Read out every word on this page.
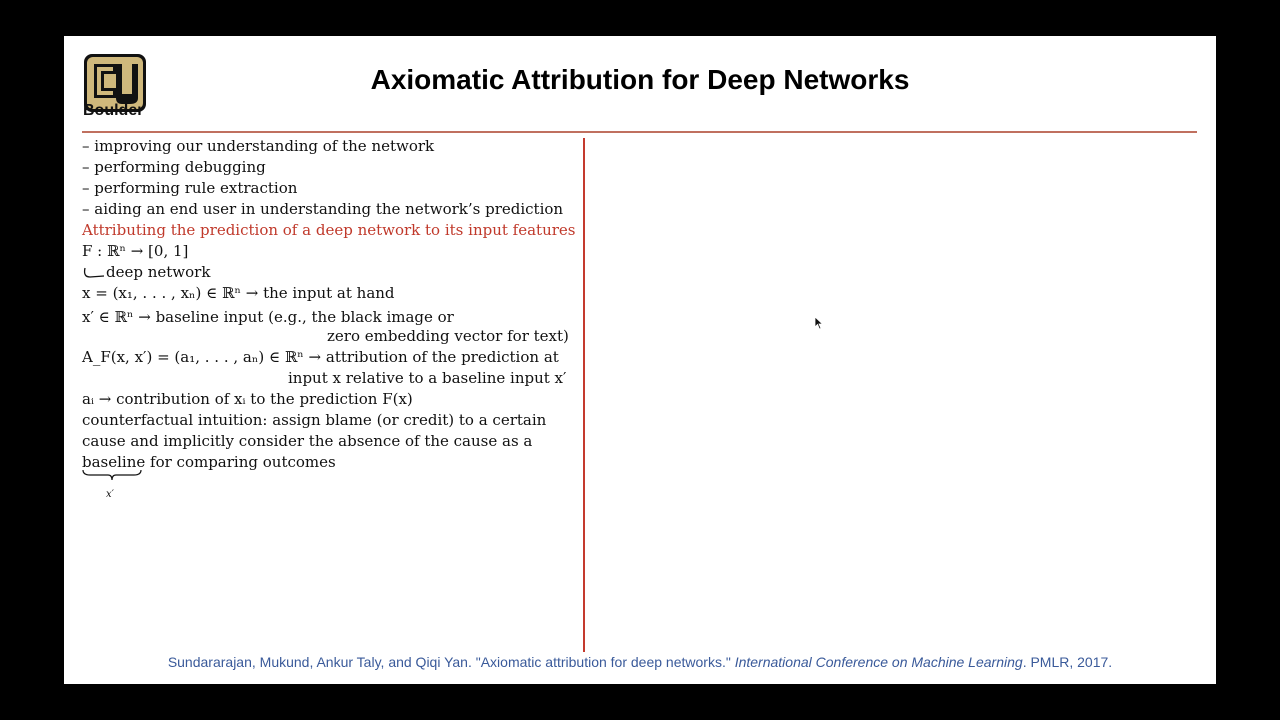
Boulder
Axiomatic Attribution for Deep Networks
– improving our understanding of the network
– performing debugging
– performing rule extraction
– aiding an end user in understanding the network’s prediction
Attributing the prediction of a deep network to its input features
F : ℝⁿ → [0, 1]
deep network
x = (x₁, . . . , xₙ) ∈ ℝⁿ → the input at hand
x′ ∈ ℝⁿ → baseline input (e.g., the black image or
zero embedding vector for text)
A_F(x, x′) = (a₁, . . . , aₙ) ∈ ℝⁿ → attribution of the prediction at
input x relative to a baseline input x′
aᵢ → contribution of xᵢ to the prediction F(x)
counterfactual intuition: assign blame (or credit) to a certain
cause and implicitly consider the absence of the cause as a
baseline
x′
for comparing outcomes
Sundararajan, Mukund, Ankur Taly, and Qiqi Yan. "Axiomatic attribution for deep networks." International Conference on Machine Learning. PMLR, 2017.
